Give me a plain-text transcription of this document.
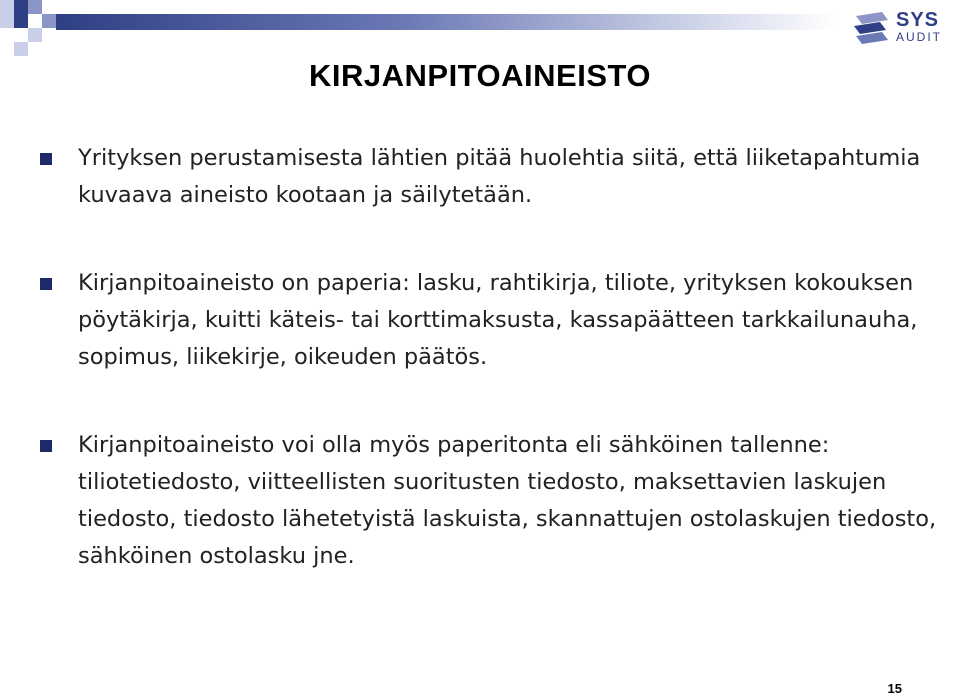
SYS
AUDIT
KIRJANPITOAINEISTO
Yrityksen perustamisesta lähtien pitää huolehtia siitä, että liiketapahtumia kuvaava aineisto kootaan ja säilytetään.
Kirjanpitoaineisto on paperia: lasku, rahtikirja, tiliote, yrityksen kokouksen pöytäkirja, kuitti käteis- tai korttimaksusta, kassapäätteen tarkkailunauha, sopimus, liikekirje, oikeuden päätös.
Kirjanpitoaineisto voi olla myös paperitonta eli sähköinen tallenne: tiliotetiedosto, viitteellisten suoritusten tiedosto, maksettavien laskujen tiedosto, tiedosto lähetetyistä laskuista, skannattujen ostolaskujen tiedosto, sähköinen ostolasku jne.
15
